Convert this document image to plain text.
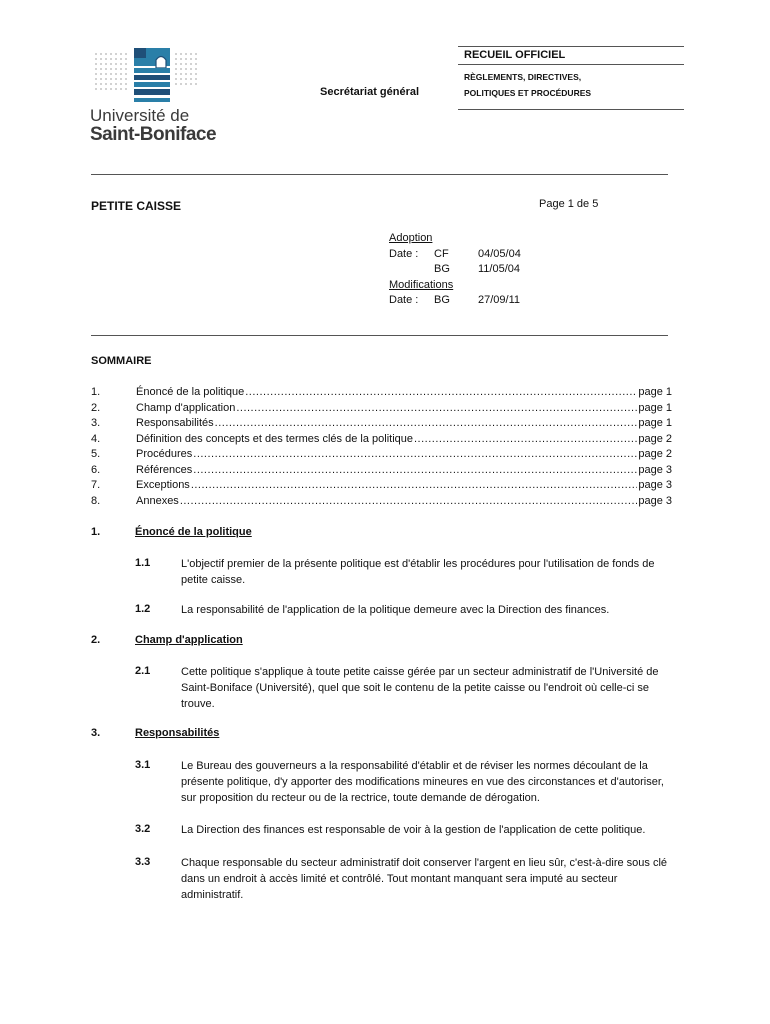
Université de
Saint-Boniface
Secrétariat général
RECUEIL OFFICIEL
RÈGLEMENTS, DIRECTIVES,
POLITIQUES ET PROCÉDURES
PETITE CAISSE	Page 1 de 5
Adoption
Date : CF	04/05/04
BG	11/05/04
Modifications
Date : BG	27/09/11
SOMMAIRE
1.	Énoncé de la politique .....	page 1
2.	Champ d'application .....	page 1
3.	Responsabilités .....	page 1
4.	Définition des concepts et des termes clés de la politique .....	page 2
5.	Procédures .....	page 2
6.	Références .....	page 3
7.	Exceptions .....	page 3
8.	Annexes .....	page 3
1.	Énoncé de la politique
1.1	L'objectif premier de la présente politique est d'établir les procédures pour l'utilisation de fonds de petite caisse.
1.2	La responsabilité de l'application de la politique demeure avec la Direction des finances.
2.	Champ d'application
2.1	Cette politique s'applique à toute petite caisse gérée par un secteur administratif de l'Université de Saint-Boniface (Université), quel que soit le contenu de la petite caisse ou l'endroit où celle-ci se trouve.
3.	Responsabilités
3.1	Le Bureau des gouverneurs a la responsabilité d'établir et de réviser les normes découlant de la présente politique, d'y apporter des modifications mineures en vue des circonstances et d'autoriser, sur proposition du recteur ou de la rectrice, toute demande de dérogation.
3.2	La Direction des finances est responsable de voir à la gestion de l'application de cette politique.
3.3	Chaque responsable du secteur administratif doit conserver l'argent en lieu sûr, c'est-à-dire sous clé dans un endroit à accès limité et contrôlé. Tout montant manquant sera imputé au secteur administratif.
